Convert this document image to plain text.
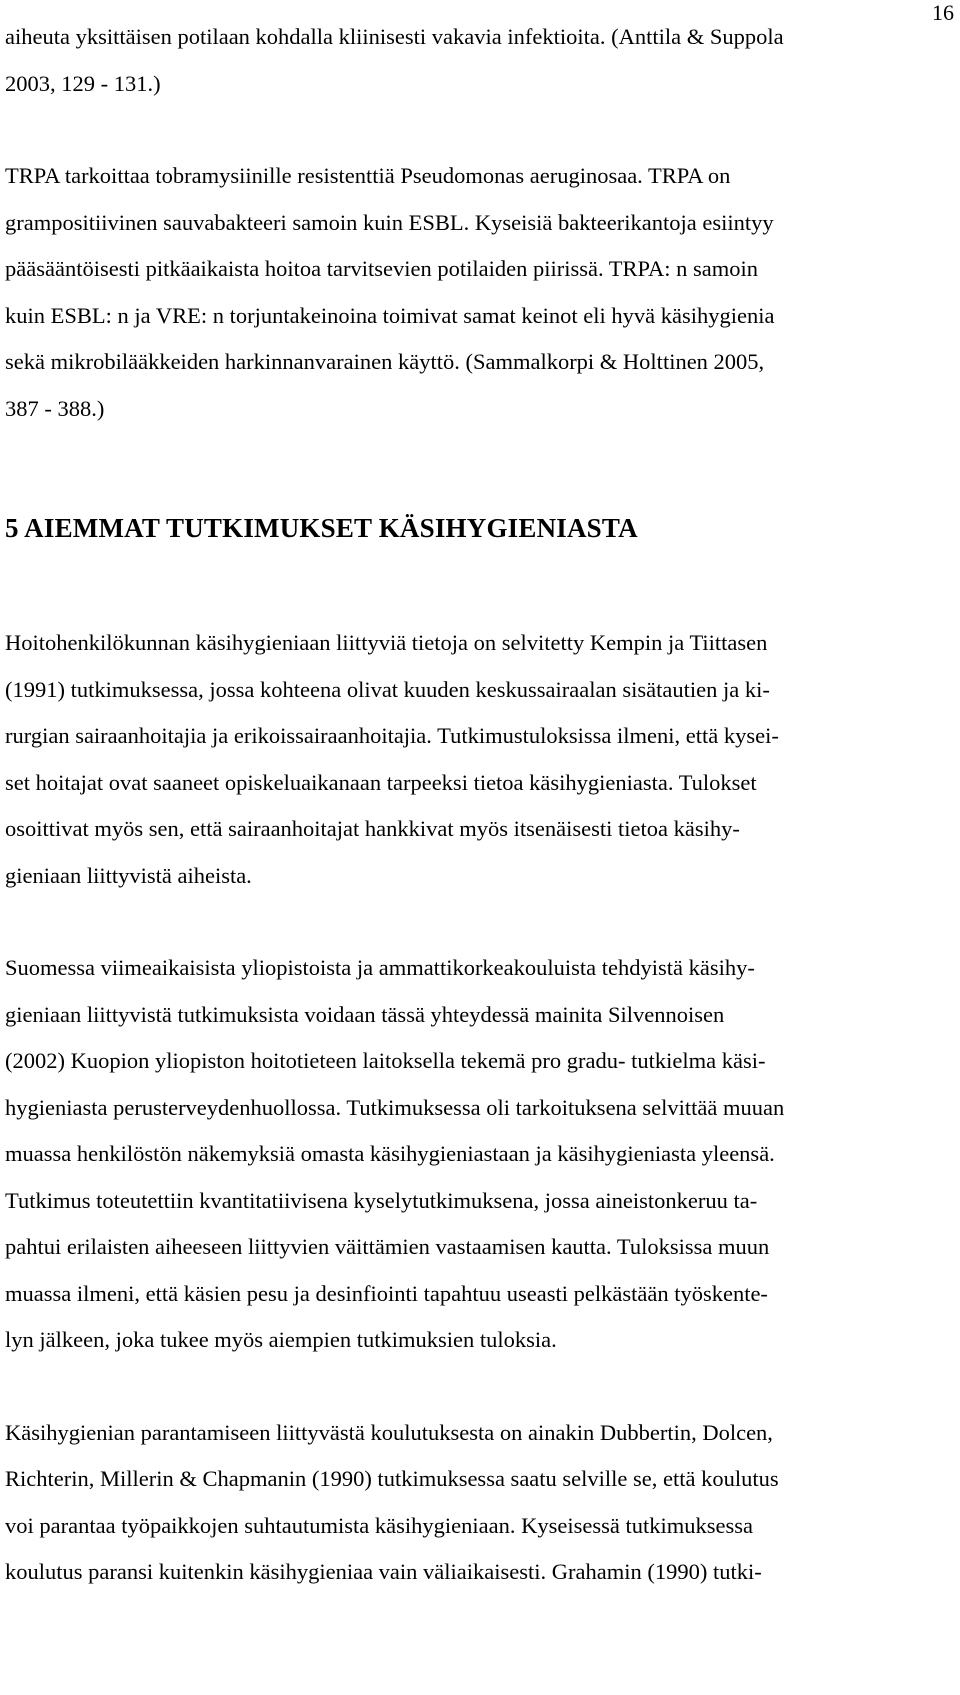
16

aiheuta yksittäisen potilaan kohdalla kliinisesti vakavia infektioita. (Anttila & Suppola
2003, 129 - 131.)

TRPA tarkoittaa tobramysiinille resistenttiä Pseudomonas aeruginosaa. TRPA on
grampositiivinen sauvabakteeri samoin kuin ESBL. Kyseisiä bakteerikantoja esiintyy
pääsääntöisesti pitkäaikaista hoitoa tarvitsevien potilaiden piirissä. TRPA: n samoin
kuin ESBL: n ja VRE: n torjuntakeinoina toimivat samat keinot eli hyvä käsihygienia
sekä mikrobilääkkeiden harkinnanvarainen käyttö. (Sammalkorpi & Holttinen 2005,
387 - 388.)

5 AIEMMAT TUTKIMUKSET KÄSIHYGIENIASTA

Hoitohenkilökunnan käsihygieniaan liittyviä tietoja on selvitetty Kempin ja Tiittasen
(1991) tutkimuksessa, jossa kohteena olivat kuuden keskussairaalan sisätautien ja ki-
rurgian sairaanhoitajia ja erikoissairaanhoitajia. Tutkimustuloksissa ilmeni, että kysei-
set hoitajat ovat saaneet opiskeluaikanaan tarpeeksi tietoa käsihygieniasta. Tulokset
osoittivat myös sen, että sairaanhoitajat hankkivat myös itsenäisesti tietoa käsihy-
gieniaan liittyvistä aiheista.

Suomessa viimeaikaisista yliopistoista ja ammattikorkeakouluista tehdyistä käsihy-
gieniaan liittyvistä tutkimuksista voidaan tässä yhteydessä mainita Silvennoisen
(2002) Kuopion yliopiston hoitotieteen laitoksella tekemä pro gradu- tutkielma käsi-
hygieniasta perusterveydenhuollossa. Tutkimuksessa oli tarkoituksena selvittää muuan
muassa henkilöstön näkemyksiä omasta käsihygieniastaan ja käsihygieniasta yleensä.
Tutkimus toteutettiin kvantitatiivisena kyselytutkimuksena, jossa aineistonkeruu ta-
pahtui erilaisten aiheeseen liittyvien väittämien vastaamisen kautta. Tuloksissa muun
muassa ilmeni, että käsien pesu ja desinfiointi tapahtuu useasti pelkästään työskente-
lyn jälkeen, joka tukee myös aiempien tutkimuksien tuloksia.

Käsihygienian parantamiseen liittyvästä koulutuksesta on ainakin Dubbertin, Dolcen,
Richterin, Millerin & Chapmanin (1990) tutkimuksessa saatu selville se, että koulutus
voi parantaa työpaikkojen suhtautumista käsihygieniaan. Kyseisessä tutkimuksessa
koulutus paransi kuitenkin käsihygieniaa vain väliaikaisesti. Grahamin (1990) tutki-
